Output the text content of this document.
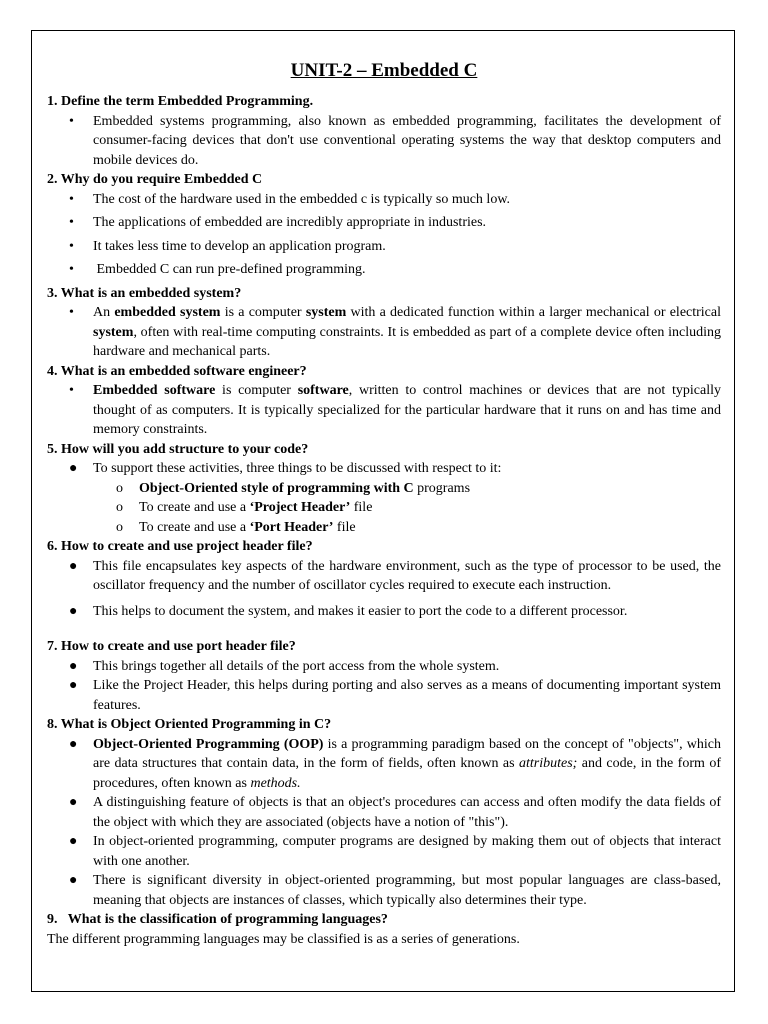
UNIT-2 – Embedded C

1. Define the term Embedded Programming.

• Embedded systems programming, also known as embedded programming, facilitates the development of consumer-facing devices that don't use conventional operating systems the way that desktop computers and mobile devices do.

2. Why do you require Embedded C

• The cost of the hardware used in the embedded c is typically so much low.
• The applications of embedded are incredibly appropriate in industries.
• It takes less time to develop an application program.
• Embedded C can run pre-defined programming.

3. What is an embedded system?

• An embedded system is a computer system with a dedicated function within a larger mechanical or electrical system, often with real-time computing constraints. It is embedded as part of a complete device often including hardware and mechanical parts.

4. What is an embedded software engineer?

• Embedded software is computer software, written to control machines or devices that are not typically thought of as computers. It is typically specialized for the particular hardware that it runs on and has time and memory constraints.

5. How will you add structure to your code?

● To support these activities, three things to be discussed with respect to it:
o Object-Oriented style of programming with C programs
o To create and use a ‘Project Header’ file
o To create and use a ‘Port Header’ file

6. How to create and use project header file?

● This file encapsulates key aspects of the hardware environment, such as the type of processor to be used, the oscillator frequency and the number of oscillator cycles required to execute each instruction.
● This helps to document the system, and makes it easier to port the code to a different processor.

7. How to create and use port header file?

● This brings together all details of the port access from the whole system.
● Like the Project Header, this helps during porting and also serves as a means of documenting important system features.

8. What is Object Oriented Programming in C?

● Object-Oriented Programming (OOP) is a programming paradigm based on the concept of "objects", which are data structures that contain data, in the form of fields, often known as attributes; and code, in the form of procedures, often known as methods.
● A distinguishing feature of objects is that an object's procedures can access and often modify the data fields of the object with which they are associated (objects have a notion of "this").
● In object-oriented programming, computer programs are designed by making them out of objects that interact with one another.
● There is significant diversity in object-oriented programming, but most popular languages are class-based, meaning that objects are instances of classes, which typically also determines their type.

9.   What is the classification of programming languages?

The different programming languages may be classified is as a series of generations.
